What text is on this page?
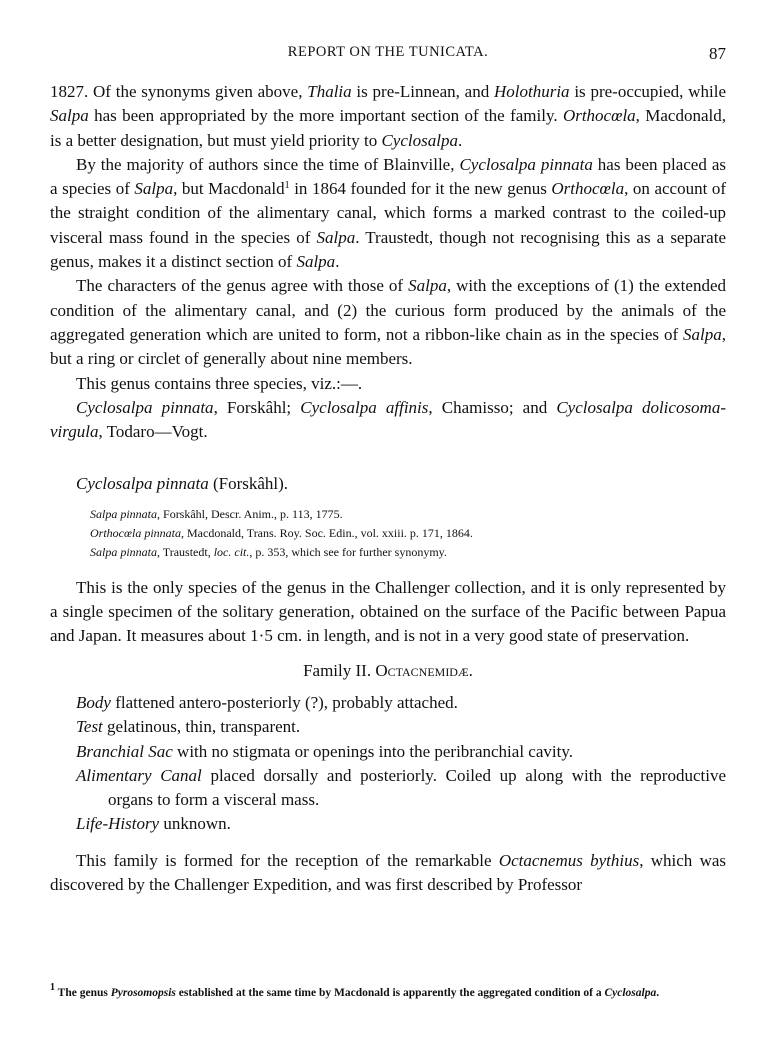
REPORT ON THE TUNICATA.	87

1827. Of the synonyms given above, Thalia is pre-Linnean, and Holothuria is pre-occupied, while Salpa has been appropriated by the more important section of the family. Orthocœla, Macdonald, is a better designation, but must yield priority to Cyclosalpa.

By the majority of authors since the time of Blainville, Cyclosalpa pinnata has been placed as a species of Salpa, but Macdonald$^1$ in 1864 founded for it the new genus Orthocœla, on account of the straight condition of the alimentary canal, which forms a marked contrast to the coiled-up visceral mass found in the species of Salpa. Traustedt, though not recognising this as a separate genus, makes it a distinct section of Salpa.

The characters of the genus agree with those of Salpa, with the exceptions of (1) the extended condition of the alimentary canal, and (2) the curious form produced by the animals of the aggregated generation which are united to form, not a ribbon-like chain as in the species of Salpa, but a ring or circlet of generally about nine members.

This genus contains three species, viz.:—.

Cyclosalpa pinnata, Forskâhl; Cyclosalpa affinis, Chamisso; and Cyclosalpa dolicosoma-virgula, Todaro—Vogt.

Cyclosalpa pinnata (Forskâhl).

Salpa pinnata, Forskâhl, Descr. Anim., p. 113, 1775.
Orthocœla pinnata, Macdonald, Trans. Roy. Soc. Edin., vol. xxiii. p. 171, 1864.
Salpa pinnata, Traustedt, loc. cit., p. 353, which see for further synonymy.

This is the only species of the genus in the Challenger collection, and it is only represented by a single specimen of the solitary generation, obtained on the surface of the Pacific between Papua and Japan. It measures about 1·5 cm. in length, and is not in a very good state of preservation.

Family II. Octacnemidæ.

Body flattened antero-posteriorly (?), probably attached.

Test gelatinous, thin, transparent.

Branchial Sac with no stigmata or openings into the peribranchial cavity.

Alimentary Canal placed dorsally and posteriorly. Coiled up along with the reproductive organs to form a visceral mass.

Life-History unknown.

This family is formed for the reception of the remarkable Octacnemus bythius, which was discovered by the Challenger Expedition, and was first described by Professor

$^1$ The genus Pyrosomopsis established at the same time by Macdonald is apparently the aggregated condition of a Cyclosalpa.
